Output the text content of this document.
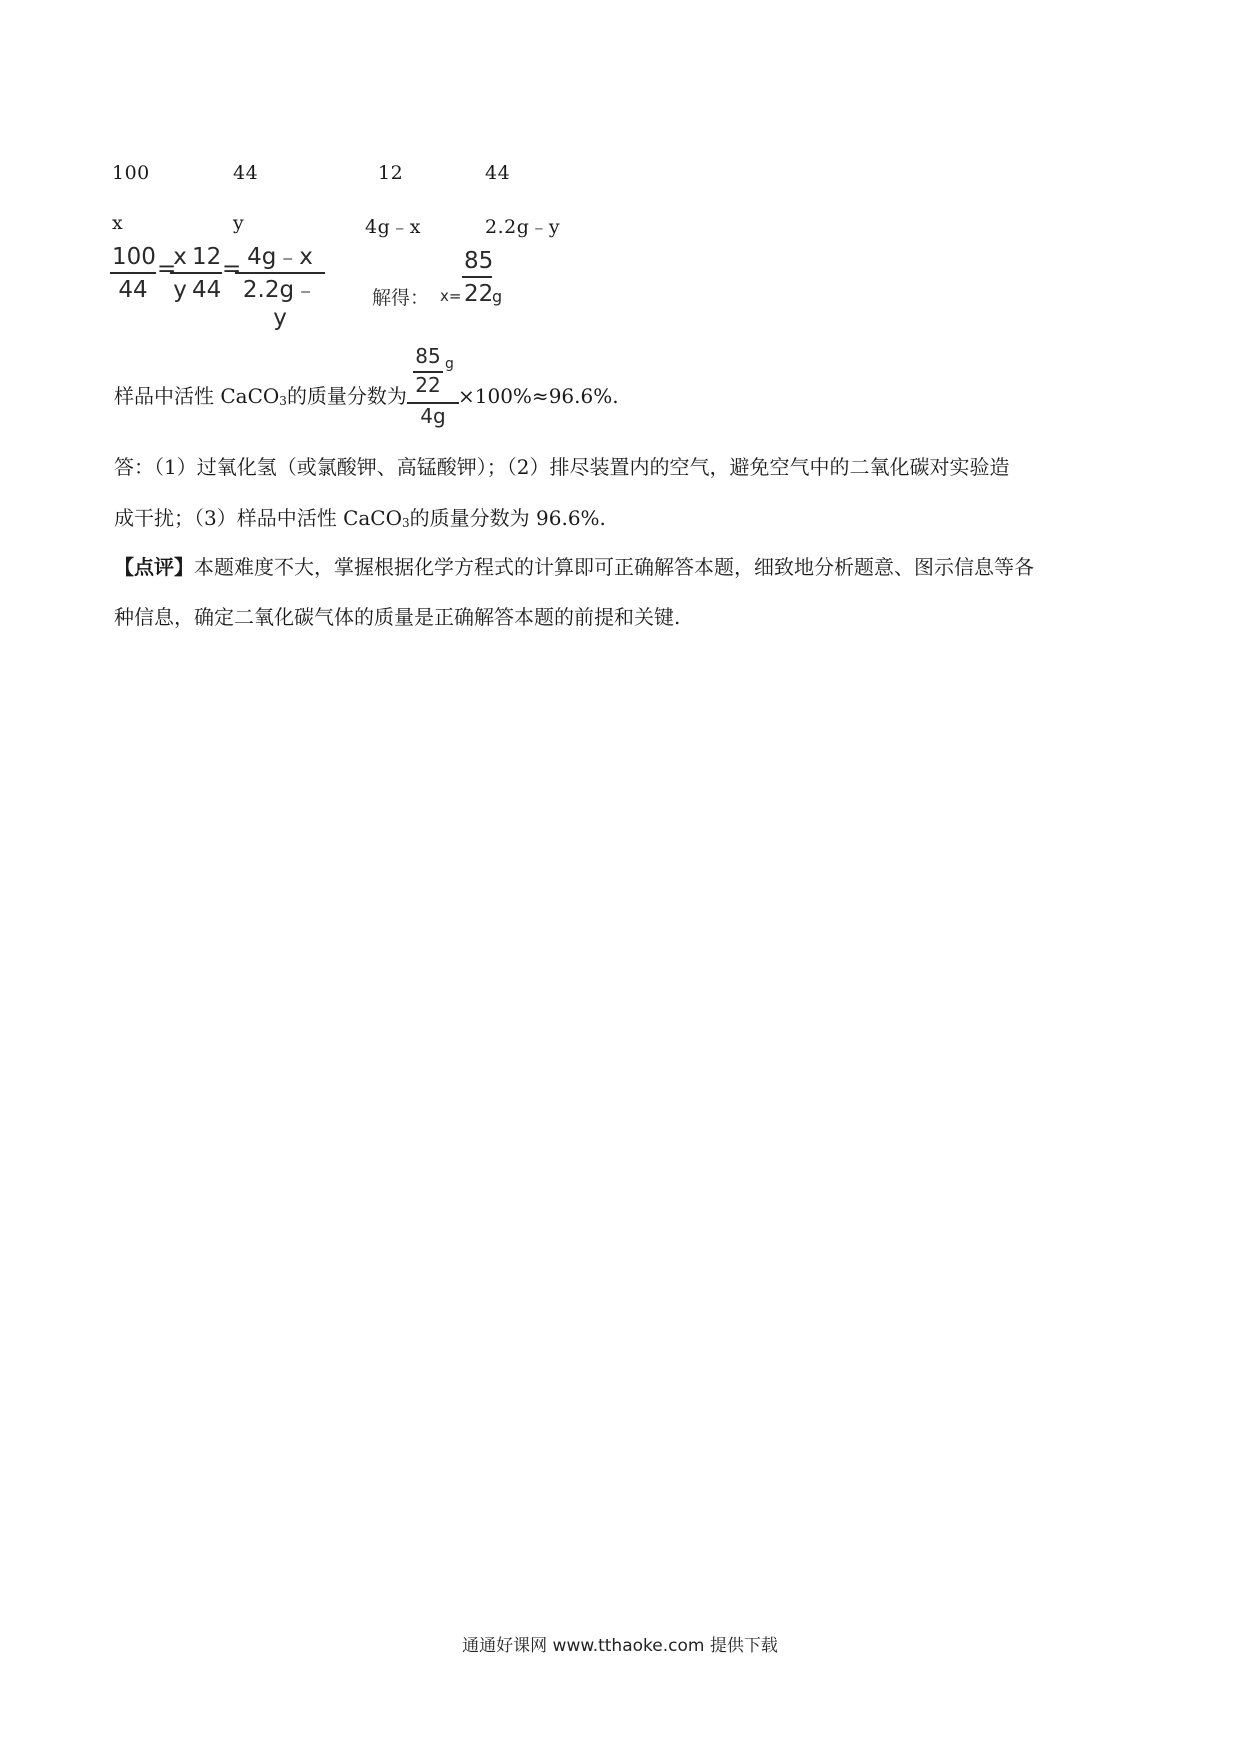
100	44	12	44
x	y	4g﹣x	2.2g﹣y
100
44
=
x
y
12
44
= 4g﹣x
2.2g﹣y
解得： x=
85
22
g
样品中活性 CaCO$_3$的质量分数为
85
22
g
4g
×100%≈96.6%.
答：（1）过氧化氢（或氯酸钾、高锰酸钾）；（2）排尽装置内的空气，避免空气中的二氧化碳对实验造
成干扰；（3）样品中活性 CaCO$_3$的质量分数为 96.6%.
【点评】本题难度不大，掌握根据化学方程式的计算即可正确解答本题，细致地分析题意、图示信息等各
种信息，确定二氧化碳气体的质量是正确解答本题的前提和关键.
通通好课网 www.tthaoke.com 提供下载
